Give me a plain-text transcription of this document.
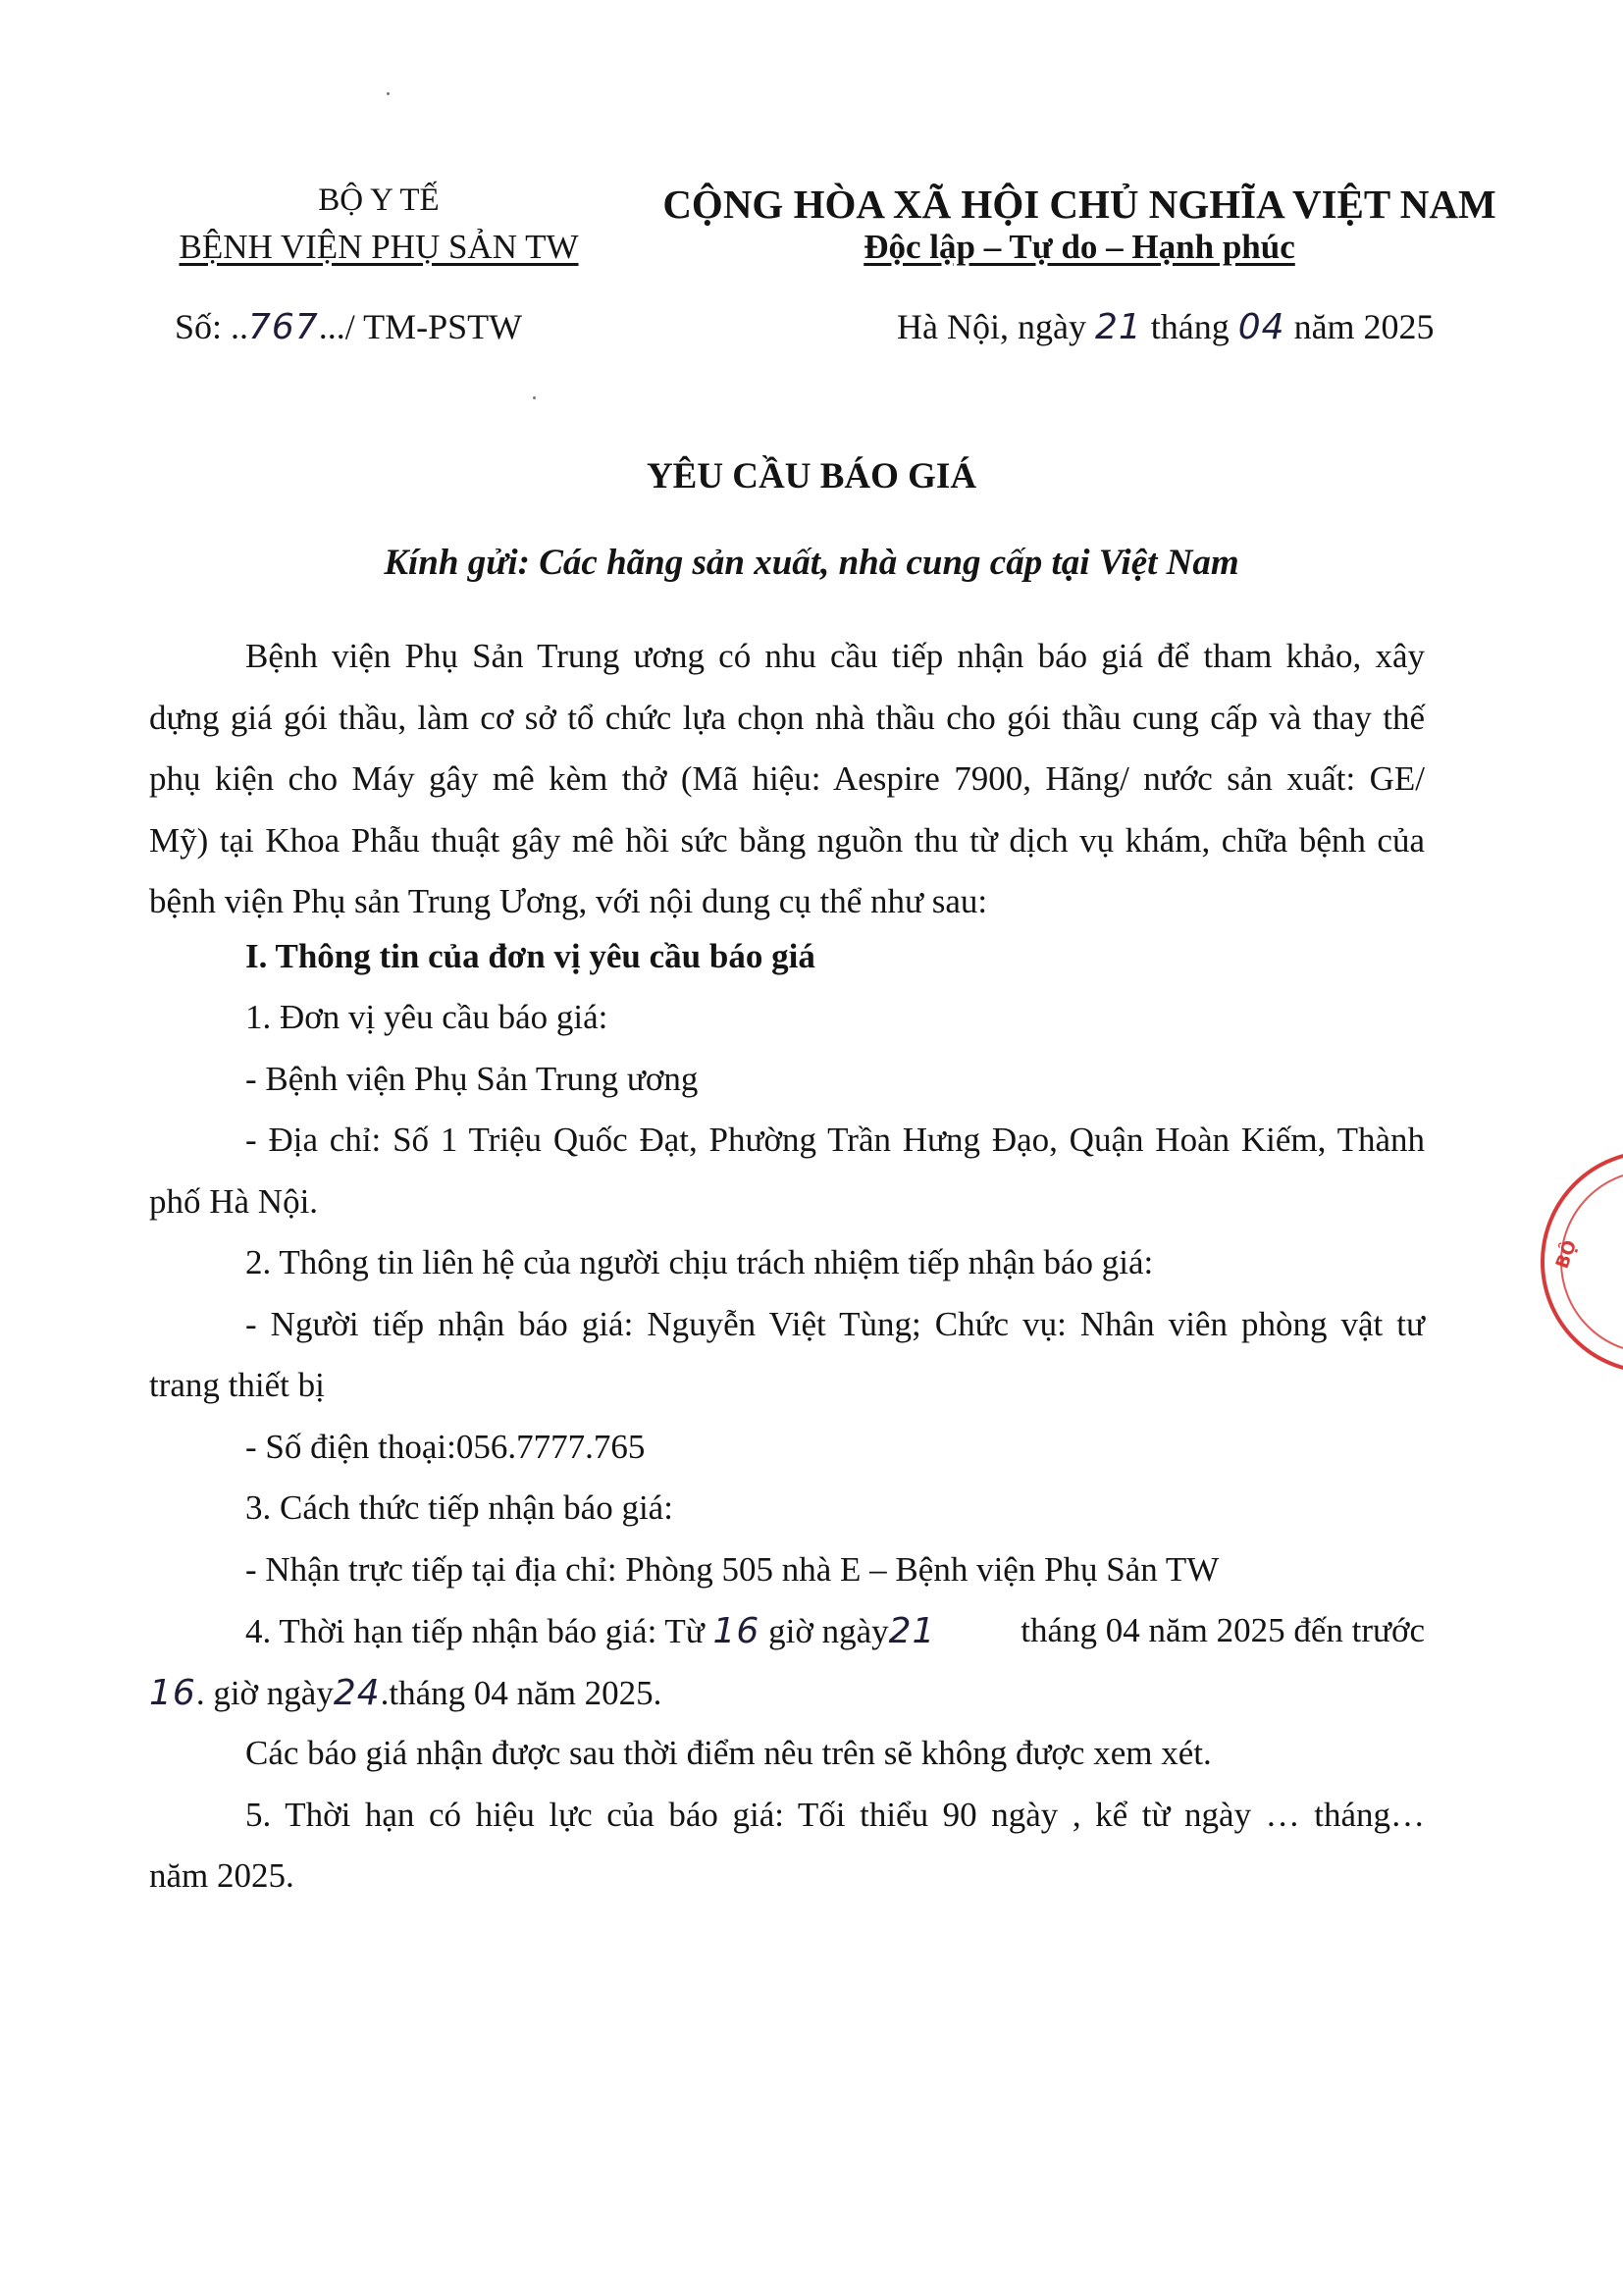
BỘ Y TẾ
BỆNH VIỆN PHỤ SẢN TW
CỘNG HÒA XÃ HỘI CHỦ NGHĨA VIỆT NAM
Độc lập – Tự do – Hạnh phúc
Số: ..767.../ TM-PSTW	Hà Nội, ngày 21 tháng 04 năm 2025
YÊU CẦU BÁO GIÁ
Kính gửi: Các hãng sản xuất, nhà cung cấp tại Việt Nam
Bệnh viện Phụ Sản Trung ương có nhu cầu tiếp nhận báo giá để tham khảo, xây
dựng giá gói thầu, làm cơ sở tổ chức lựa chọn nhà thầu cho gói thầu cung cấp và thay thế
phụ kiện cho Máy gây mê kèm thở (Mã hiệu: Aespire 7900, Hãng/ nước sản xuất: GE/
Mỹ) tại Khoa Phẫu thuật gây mê hồi sức bằng nguồn thu từ dịch vụ khám, chữa bệnh của
bệnh viện Phụ sản Trung Ương, với nội dung cụ thể như sau:
I. Thông tin của đơn vị yêu cầu báo giá
1. Đơn vị yêu cầu báo giá:
- Bệnh viện Phụ Sản Trung ương
- Địa chỉ: Số 1 Triệu Quốc Đạt, Phường Trần Hưng Đạo, Quận Hoàn Kiếm, Thành
phố Hà Nội.
2. Thông tin liên hệ của người chịu trách nhiệm tiếp nhận báo giá:
- Người tiếp nhận báo giá: Nguyễn Việt Tùng; Chức vụ: Nhân viên phòng vật tư
trang thiết bị
- Số điện thoại:056.7777.765
3. Cách thức tiếp nhận báo giá:
- Nhận trực tiếp tại địa chỉ: Phòng 505 nhà E – Bệnh viện Phụ Sản TW
4. Thời hạn tiếp nhận báo giá: Từ 16 giờ ngày21 tháng 04 năm 2025 đến trước
16. giờ ngày24.tháng 04 năm 2025.
Các báo giá nhận được sau thời điểm nêu trên sẽ không được xem xét.
5. Thời hạn có hiệu lực của báo giá: Tối thiểu 90 ngày , kể từ ngày … tháng…
năm 2025.
BỘ
